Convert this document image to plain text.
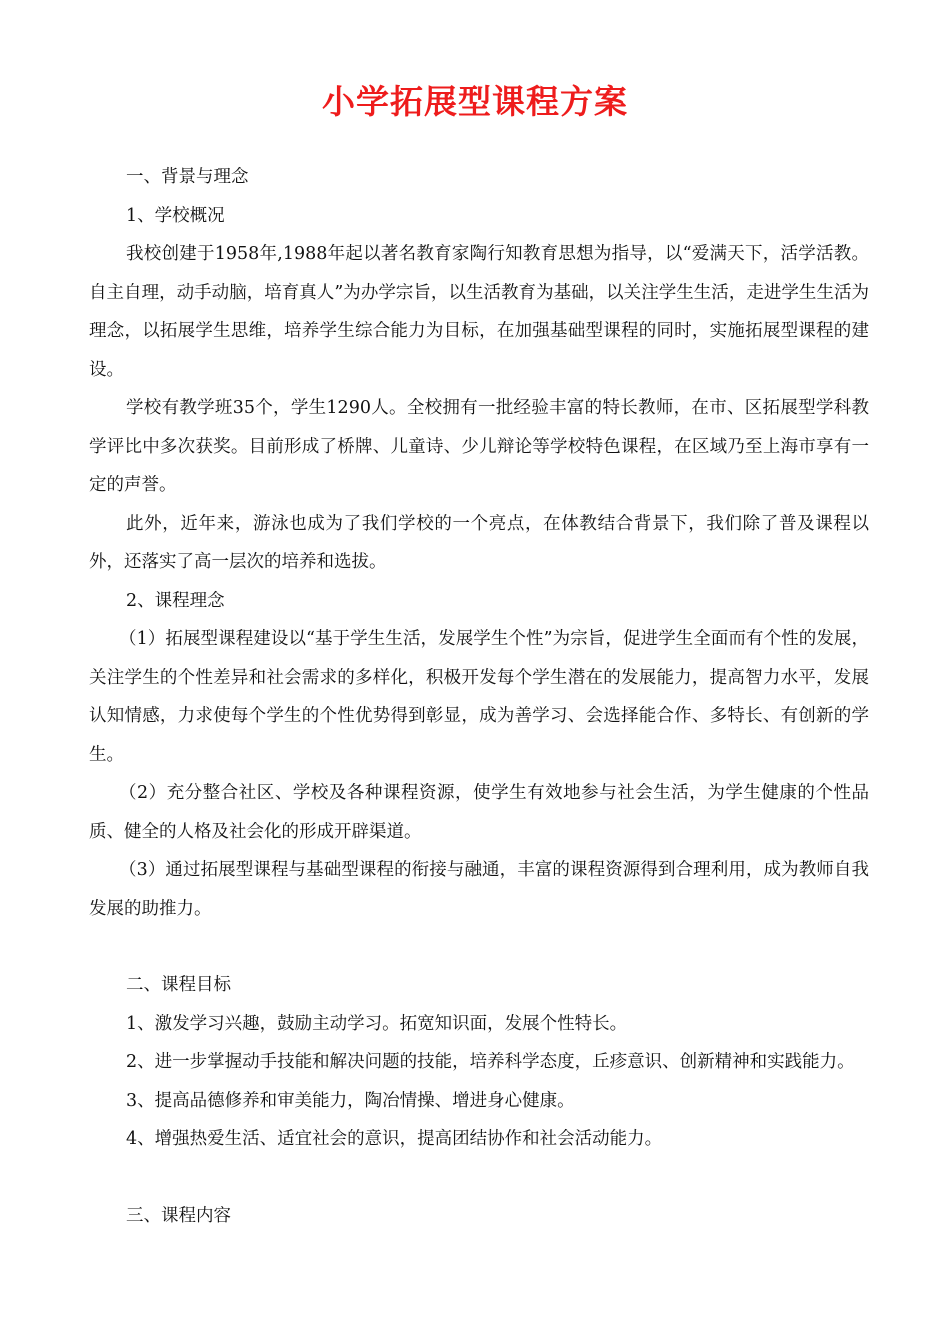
小学拓展型课程方案

一、背景与理念

1、学校概况

我校创建于1958年,1988年起以著名教育家陶行知教育思想为指导，以“爱满天下，活学活教。自主自理，动手动脑，培育真人”为办学宗旨，以生活教育为基础，以关注学生生活，走进学生生活为理念，以拓展学生思维，培养学生综合能力为目标，在加强基础型课程的同时，实施拓展型课程的建设。

学校有教学班35个，学生1290人。全校拥有一批经验丰富的特长教师，在市、区拓展型学科教学评比中多次获奖。目前形成了桥牌、儿童诗、少儿辩论等学校特色课程，在区域乃至上海市享有一定的声誉。

此外，近年来，游泳也成为了我们学校的一个亮点，在体教结合背景下，我们除了普及课程以外，还落实了高一层次的培养和选拔。

2、课程理念

（1）拓展型课程建设以“基于学生生活，发展学生个性”为宗旨，促进学生全面而有个性的发展，关注学生的个性差异和社会需求的多样化，积极开发每个学生潜在的发展能力，提高智力水平，发展认知情感，力求使每个学生的个性优势得到彰显，成为善学习、会选择能合作、多特长、有创新的学生。

（2）充分整合社区、学校及各种课程资源，使学生有效地参与社会生活，为学生健康的个性品质、健全的人格及社会化的形成开辟渠道。

（3）通过拓展型课程与基础型课程的衔接与融通，丰富的课程资源得到合理利用，成为教师自我发展的助推力。

二、课程目标

1、激发学习兴趣，鼓励主动学习。拓宽知识面，发展个性特长。

2、进一步掌握动手技能和解决问题的技能，培养科学态度，丘疹意识、创新精神和实践能力。

3、提高品德修养和审美能力，陶冶情操、增进身心健康。

4、增强热爱生活、适宜社会的意识，提高团结协作和社会活动能力。

三、课程内容
